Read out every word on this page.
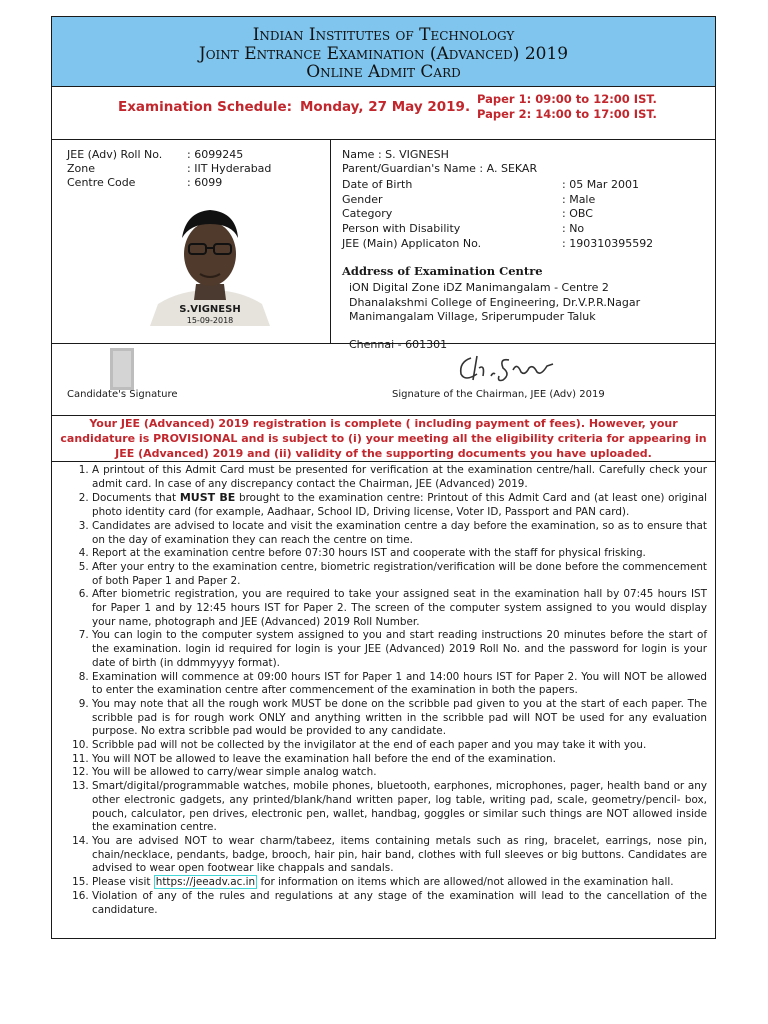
Indian Institutes of Technology
Joint Entrance Examination (Advanced) 2019
Online Admit Card
Examination Schedule: Monday, 27 May 2019. Paper 1: 09:00 to 12:00 IST.
Paper 2: 14:00 to 17:00 IST.
JEE (Adv) Roll No. : 6099245
Zone	: IIT Hyderabad
Centre Code	: 6099
S.VIGNESH
15-09-2018
Name : S. VIGNESH
Parent/Guardian's Name : A. SEKAR
Date of Birth	: 05 Mar 2001
Gender	: Male
Category	: OBC
Person with Disability	: No
JEE (Main) Applicaton No.	: 190310395592
Address of Examination Centre
iON Digital Zone iDZ Manimangalam - Centre 2
Dhanalakshmi College of Engineering, Dr.V.P.R.Nagar
Manimangalam Village, Sriperumpuder Taluk
Chennai - 601301
Candidate's Signature	Signature of the Chairman, JEE (Adv) 2019
Your JEE (Advanced) 2019 registration is complete ( including payment of fees). However, your candidature is PROVISIONAL and is subject to (i) your meeting all the eligibility criteria for appearing in JEE (Advanced) 2019 and (ii) validity of the supporting documents you have uploaded.
1. A printout of this Admit Card must be presented for verification at the examination centre/hall. Carefully check your admit card. In case of any discrepancy contact the Chairman, JEE (Advanced) 2019.
2. Documents that MUST BE brought to the examination centre: Printout of this Admit Card and (at least one) original photo identity card (for example, Aadhaar, School ID, Driving license, Voter ID, Passport and PAN card).
3. Candidates are advised to locate and visit the examination centre a day before the examination, so as to ensure that on the day of examination they can reach the centre on time.
4. Report at the examination centre before 07:30 hours IST and cooperate with the staff for physical frisking.
5. After your entry to the examination centre, biometric registration/verification will be done before the commencement of both Paper 1 and Paper 2.
6. After biometric registration, you are required to take your assigned seat in the examination hall by 07:45 hours IST for Paper 1 and by 12:45 hours IST for Paper 2. The screen of the computer system assigned to you would display your name, photograph and JEE (Advanced) 2019 Roll Number.
7. You can login to the computer system assigned to you and start reading instructions 20 minutes before the start of the examination. login id required for login is your JEE (Advanced) 2019 Roll No. and the password for login is your date of birth (in ddmmyyyy format).
8. Examination will commence at 09:00 hours IST for Paper 1 and 14:00 hours IST for Paper 2. You will NOT be allowed to enter the examination centre after commencement of the examination in both the papers.
9. You may note that all the rough work MUST be done on the scribble pad given to you at the start of each paper. The scribble pad is for rough work ONLY and anything written in the scribble pad will NOT be used for any evaluation purpose. No extra scribble pad would be provided to any candidate.
10. Scribble pad will not be collected by the invigilator at the end of each paper and you may take it with you.
11. You will NOT be allowed to leave the examination hall before the end of the examination.
12. You will be allowed to carry/wear simple analog watch.
13. Smart/digital/programmable watches, mobile phones, bluetooth, earphones, microphones, pager, health band or any other electronic gadgets, any printed/blank/hand written paper, log table, writing pad, scale, geometry/pencil- box, pouch, calculator, pen drives, electronic pen, wallet, handbag, goggles or similar such things are NOT allowed inside the examination centre.
14. You are advised NOT to wear charm/tabeez, items containing metals such as ring, bracelet, earrings, nose pin, chain/necklace, pendants, badge, brooch, hair pin, hair band, clothes with full sleeves or big buttons. Candidates are advised to wear open footwear like chappals and sandals.
15. Please visit https://jeeadv.ac.in for information on items which are allowed/not allowed in the examination hall.
16. Violation of any of the rules and regulations at any stage of the examination will lead to the cancellation of the candidature.
